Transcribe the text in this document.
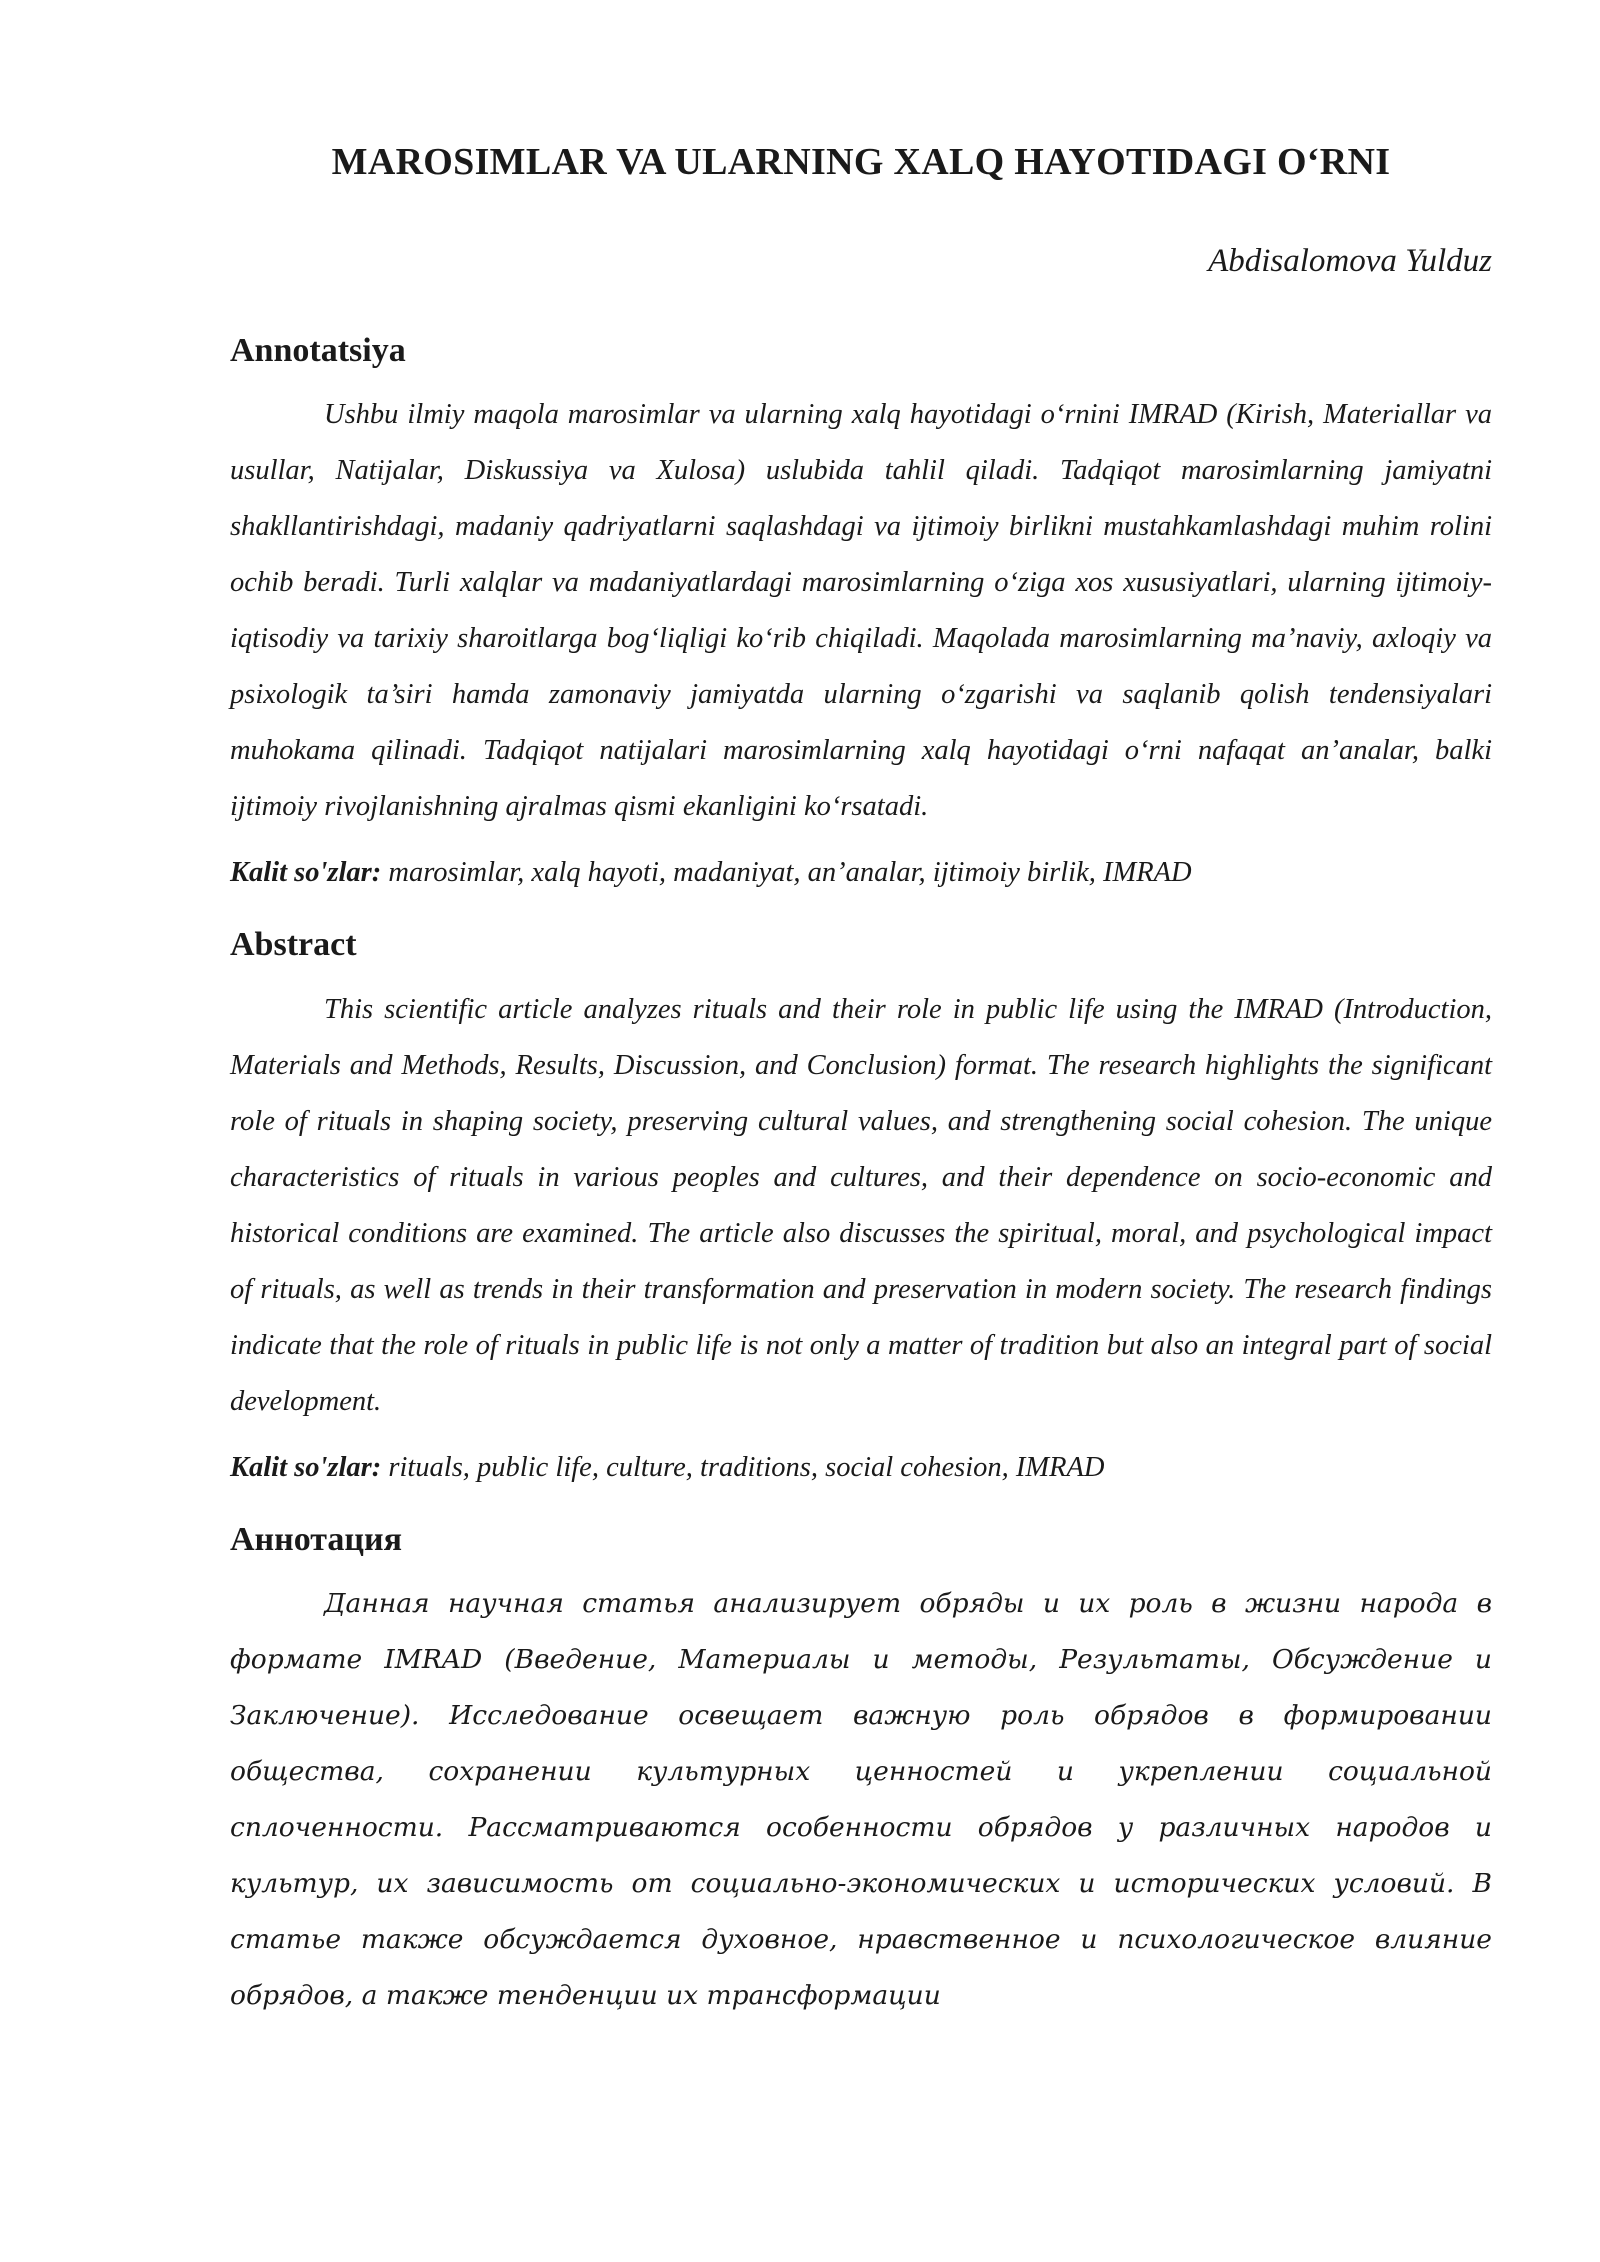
MAROSIMLAR VA ULARNING XALQ HAYOTIDAGI O‘RNI
Abdisalomova Yulduz
Annotatsiya

Ushbu ilmiy maqola marosimlar va ularning xalq hayotidagi o‘rnini IMRAD (Kirish, Materiallar va usullar, Natijalar, Diskussiya va Xulosa) uslubida tahlil qiladi. Tadqiqot marosimlarning jamiyatni shakllantirishdagi, madaniy qadriyatlarni saqlashdagi va ijtimoiy birlikni mustahkamlashdagi muhim rolini ochib beradi. Turli xalqlar va madaniyatlardagi marosimlarning o‘ziga xos xususiyatlari, ularning ijtimoiy-iqtisodiy va tarixiy sharoitlarga bog‘liqligi ko‘rib chiqiladi. Maqolada marosimlarning ma’naviy, axloqiy va psixologik ta’siri hamda zamonaviy jamiyatda ularning o‘zgarishi va saqlanib qolish tendensiyalari muhokama qilinadi. Tadqiqot natijalari marosimlarning xalq hayotidagi o‘rni nafaqat an’analar, balki ijtimoiy rivojlanishning ajralmas qismi ekanligini ko‘rsatadi.

Kalit so'zlar: marosimlar, xalq hayoti, madaniyat, an’analar, ijtimoiy birlik, IMRAD
Abstract

This scientific article analyzes rituals and their role in public life using the IMRAD (Introduction, Materials and Methods, Results, Discussion, and Conclusion) format. The research highlights the significant role of rituals in shaping society, preserving cultural values, and strengthening social cohesion. The unique characteristics of rituals in various peoples and cultures, and their dependence on socio-economic and historical conditions are examined. The article also discusses the spiritual, moral, and psychological impact of rituals, as well as trends in their transformation and preservation in modern society. The research findings indicate that the role of rituals in public life is not only a matter of tradition but also an integral part of social development.

Kalit so'zlar: rituals, public life, culture, traditions, social cohesion, IMRAD
Аннотация

Данная научная статья анализирует обряды и их роль в жизни народа в формате IMRAD (Введение, Материалы и методы, Результаты, Обсуждение и Заключение). Исследование освещает важную роль обрядов в формировании общества, сохранении культурных ценностей и укреплении социальной сплоченности. Рассматриваются особенности обрядов у различных народов и культур, их зависимость от социально-экономических и исторических условий. В статье также обсуждается духовное, нравственное и психологическое влияние обрядов, а также тенденции их трансформации
